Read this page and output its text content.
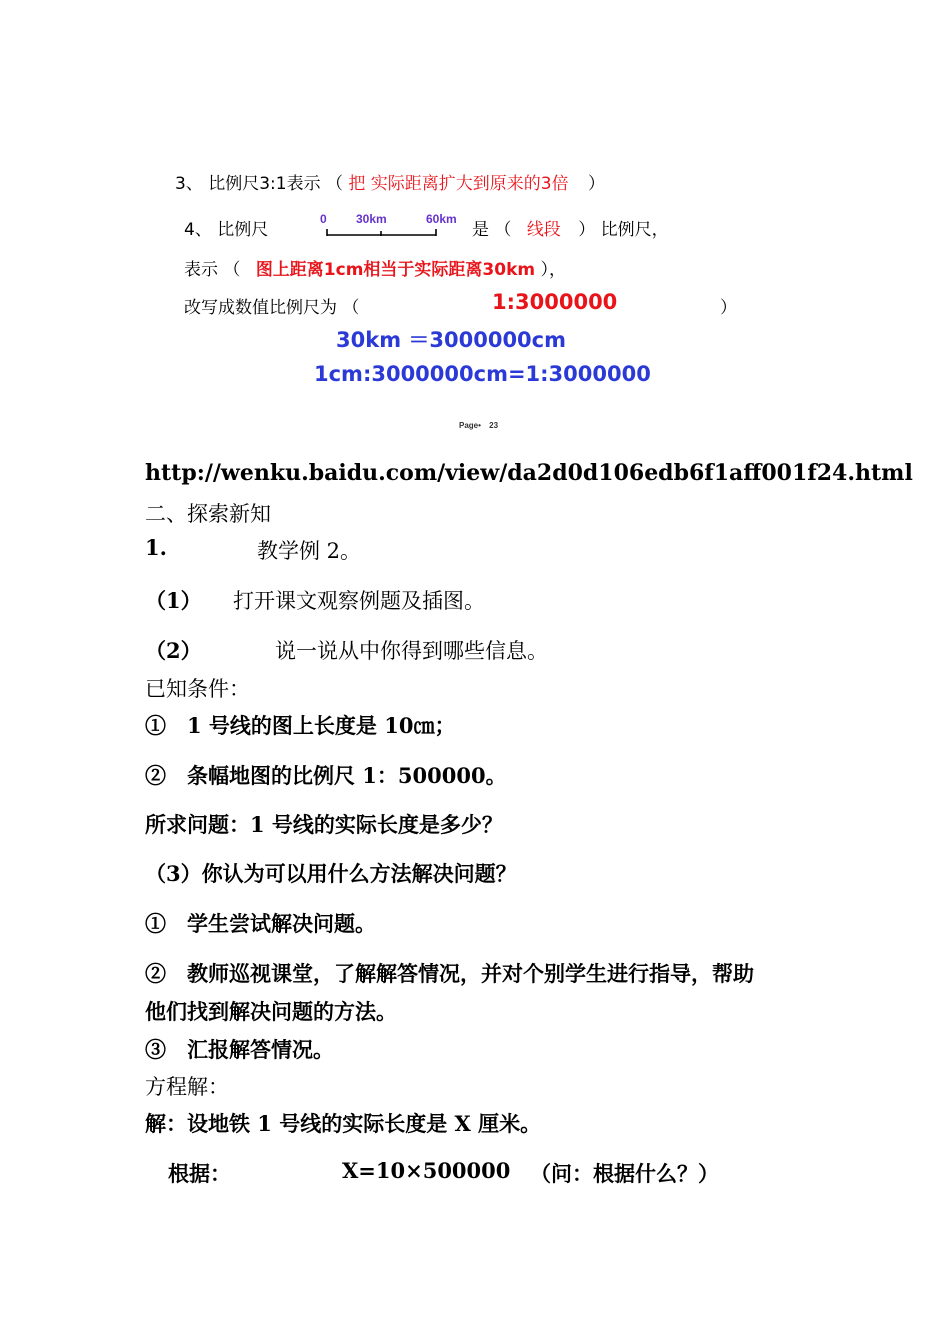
3、 比例尺3:1表示 （ 把 实际距离扩大到原来的3倍 ）
4、 比例尺
0 30km	60km
是 （ 线段 ） 比例尺，
表示 （ 图上距离1cm相当于实际距离30km ），
改写成数值比例尺为 （	1:3000000	）
30km ＝3000000cm
1cm:3000000cm=1:3000000
Page• 23
http://wenku.baidu.com/view/da2d0d106edb6f1aff001f24.html
二、探索新知
1.	教学例 2。
（1） 打开课文观察例题及插图。
（2）	说一说从中你得到哪些信息。
已知条件：
①　1 号线的图上长度是 10㎝；
②　条幅地图的比例尺 1：500000。
所求问题：1 号线的实际长度是多少？
（3）你认为可以用什么方法解决问题？
①　学生尝试解决问题。
②　教师巡视课堂，了解解答情况，并对个别学生进行指导，帮助
他们找到解决问题的方法。
③　汇报解答情况。
方程解：
解：设地铁 1 号线的实际长度是 X 厘米。
根据：	X=10×500000 （问：根据什么？）
